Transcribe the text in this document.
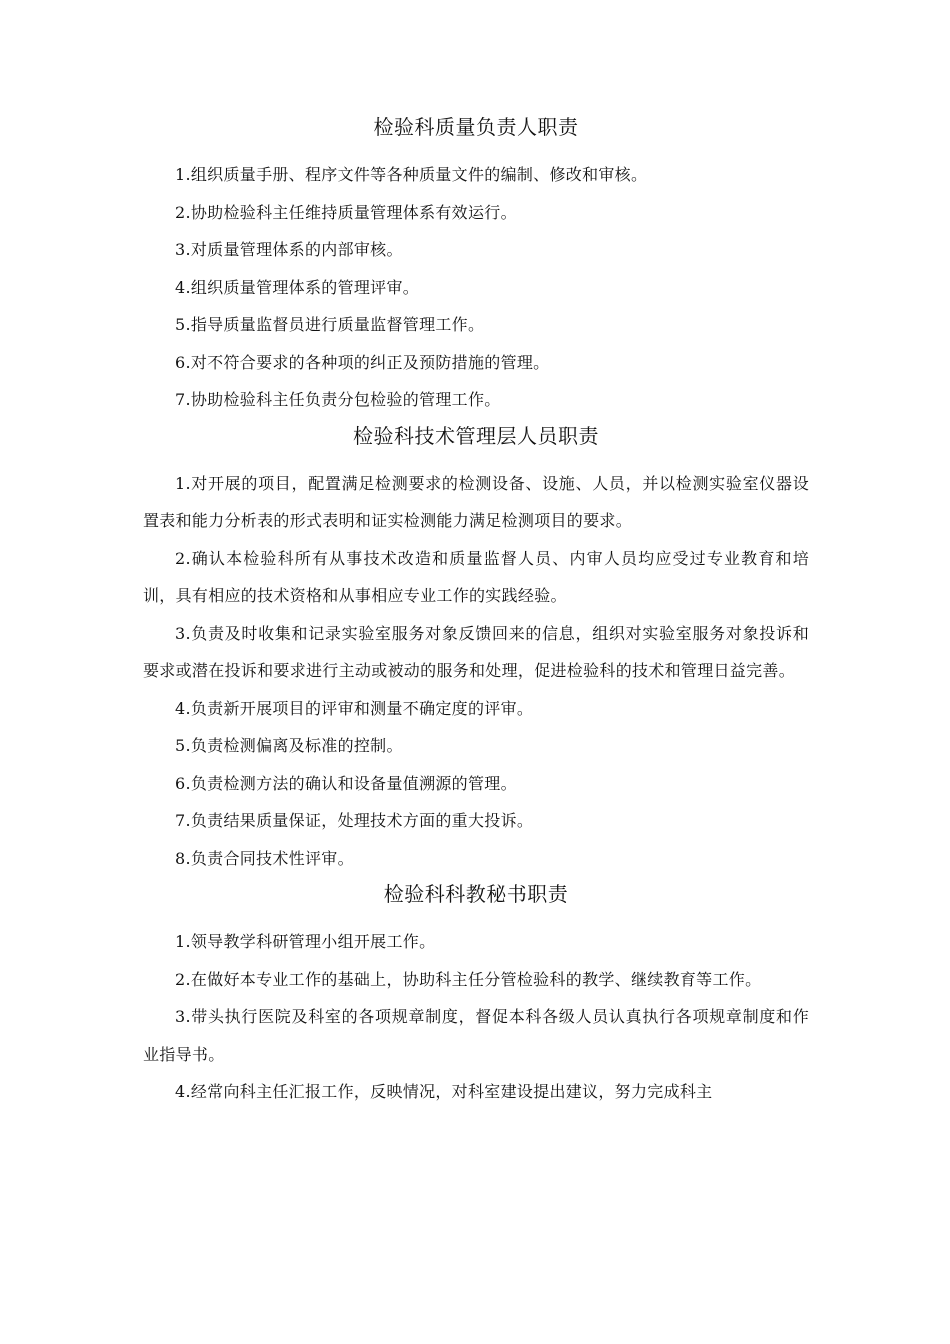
检验科质量负责人职责

1.组织质量手册、程序文件等各种质量文件的编制、修改和审核。

2.协助检验科主任维持质量管理体系有效运行。

3.对质量管理体系的内部审核。

4.组织质量管理体系的管理评审。

5.指导质量监督员进行质量监督管理工作。

6.对不符合要求的各种项的纠正及预防措施的管理。

7.协助检验科主任负责分包检验的管理工作。

检验科技术管理层人员职责

1.对开展的项目，配置满足检测要求的检测设备、设施、人员，并以检测实验室仪器设置表和能力分析表的形式表明和证实检测能力满足检测项目的要求。

2.确认本检验科所有从事技术改造和质量监督人员、内审人员均应受过专业教育和培训，具有相应的技术资格和从事相应专业工作的实践经验。

3.负责及时收集和记录实验室服务对象反馈回来的信息，组织对实验室服务对象投诉和要求或潜在投诉和要求进行主动或被动的服务和处理，促进检验科的技术和管理日益完善。

4.负责新开展项目的评审和测量不确定度的评审。

5.负责检测偏离及标准的控制。

6.负责检测方法的确认和设备量值溯源的管理。

7.负责结果质量保证，处理技术方面的重大投诉。

8.负责合同技术性评审。

检验科科教秘书职责

1.领导教学科研管理小组开展工作。

2.在做好本专业工作的基础上，协助科主任分管检验科的教学、继续教育等工作。

3.带头执行医院及科室的各项规章制度，督促本科各级人员认真执行各项规章制度和作业指导书。

4.经常向科主任汇报工作，反映情况，对科室建设提出建议，努力完成科主
